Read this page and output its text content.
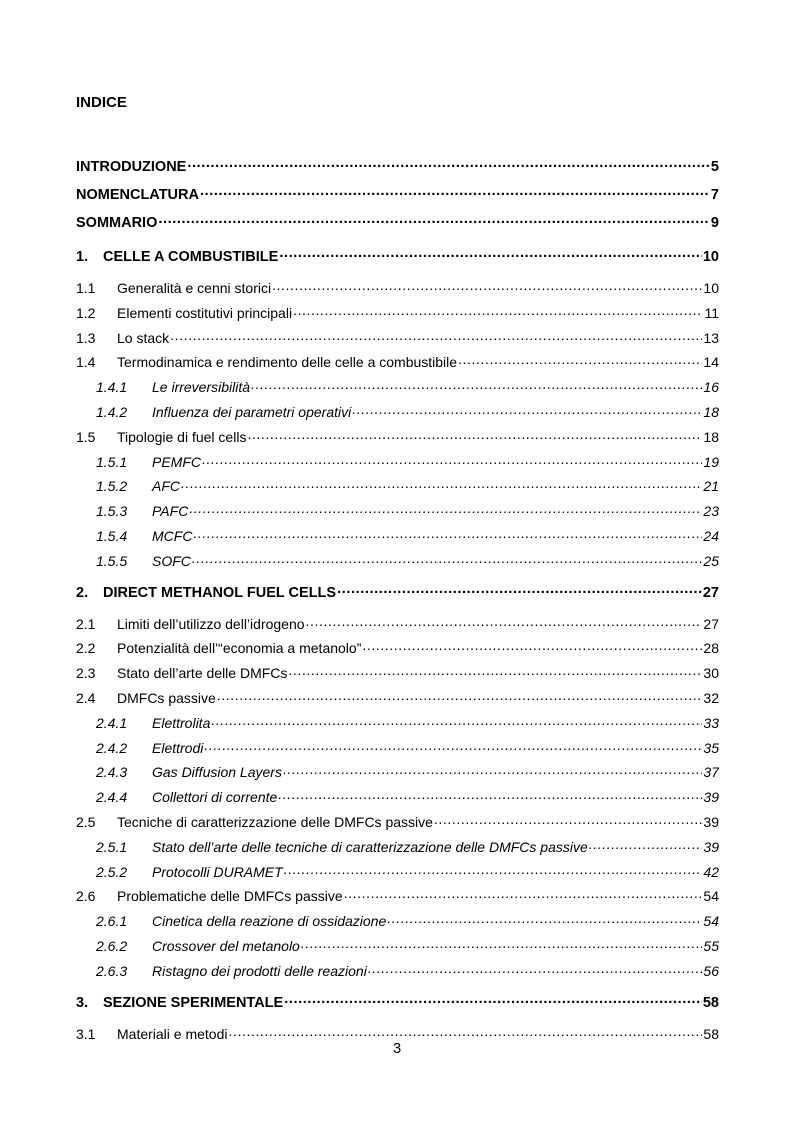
INDICE
INTRODUZIONE .....	5
NOMENCLATURA .....	7
SOMMARIO .....	9
1.	CELLE A COMBUSTIBILE .....	10
1.1	Generalità e cenni storici .....	10
1.2	Elementi costitutivi principali .....	11
1.3	Lo stack .....	13
1.4	Termodinamica e rendimento delle celle a combustibile .....	14
1.4.1	Le irreversibilità .....	16
1.4.2	Influenza dei parametri operativi .....	18
1.5	Tipologie di fuel cells .....	18
1.5.1	PEMFC .....	19
1.5.2	AFC .....	21
1.5.3	PAFC .....	23
1.5.4	MCFC .....	24
1.5.5	SOFC .....	25
2.	DIRECT METHANOL FUEL CELLS .....	27
2.1	Limiti dell’utilizzo dell’idrogeno .....	27
2.2	Potenzialità dell’“economia a metanolo” .....	28
2.3	Stato dell’arte delle DMFCs .....	30
2.4	DMFCs passive .....	32
2.4.1	Elettrolita .....	33
2.4.2	Elettrodi .....	35
2.4.3	Gas Diffusion Layers .....	37
2.4.4	Collettori di corrente .....	39
2.5	Tecniche di caratterizzazione delle DMFCs passive .....	39
2.5.1	Stato dell’arte delle tecniche di caratterizzazione delle DMFCs passive .....	39
2.5.2	Protocolli DURAMET .....	42
2.6	Problematiche delle DMFCs passive .....	54
2.6.1	Cinetica della reazione di ossidazione .....	54
2.6.2	Crossover del metanolo .....	55
2.6.3	Ristagno dei prodotti delle reazioni .....	56
3.	SEZIONE SPERIMENTALE .....	58
3.1	Materiali e metodi .....	58
3
